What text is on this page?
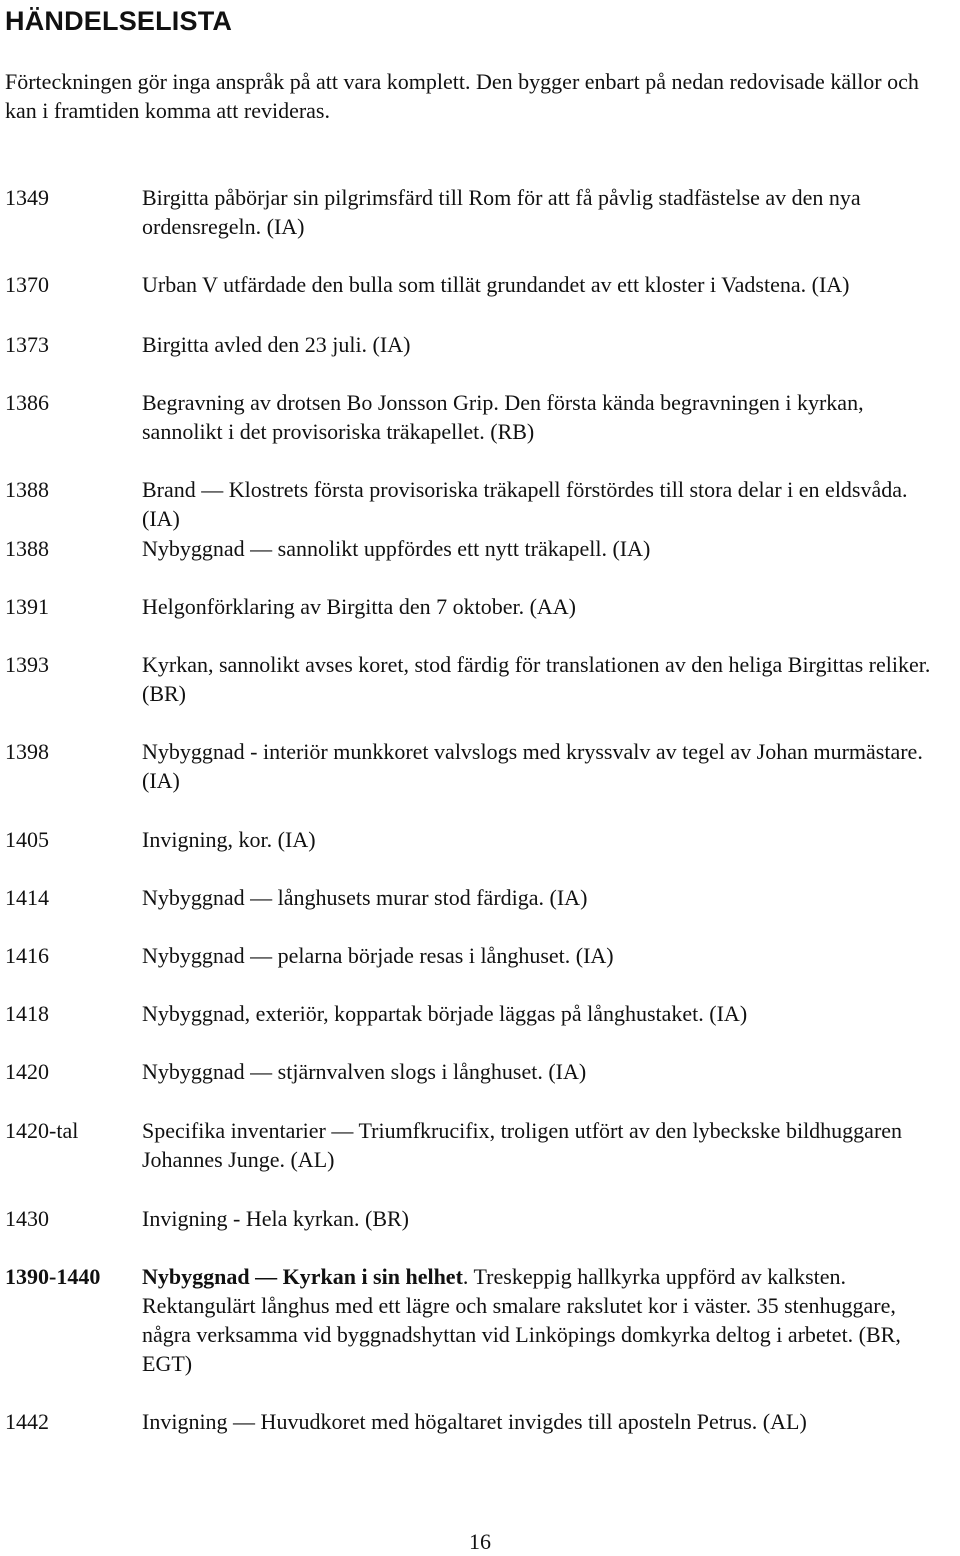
HÄNDELSELISTA

Förteckningen gör inga anspråk på att vara komplett. Den bygger enbart på nedan redovisade källor och kan i framtiden komma att revideras.

1349	Birgitta påbörjar sin pilgrimsfärd till Rom för att få påvlig stadfästelse av den nya ordensregeln. (IA)
1370	Urban V utfärdade den bulla som tillät grundandet av ett kloster i Vadstena. (IA)
1373	Birgitta avled den 23 juli. (IA)
1386	Begravning av drotsen Bo Jonsson Grip. Den första kända begravningen i kyrkan, sannolikt i det provisoriska träkapellet. (RB)
1388	Brand — Klostrets första provisoriska träkapell förstördes till stora delar i en eldsvåda. (IA)
1388	Nybyggnad — sannolikt uppfördes ett nytt träkapell. (IA)
1391	Helgonförklaring av Birgitta den 7 oktober. (AA)
1393	Kyrkan, sannolikt avses koret, stod färdig för translationen av den heliga Birgittas reliker. (BR)
1398	Nybyggnad - interiör munkkoret valvslogs med kryssvalv av tegel av Johan murmästare. (IA)
1405	Invigning, kor. (IA)
1414	Nybyggnad — långhusets murar stod färdiga. (IA)
1416	Nybyggnad — pelarna började resas i långhuset. (IA)
1418	Nybyggnad, exteriör, koppartak började läggas på långhustaket. (IA)
1420	Nybyggnad — stjärnvalven slogs i långhuset. (IA)
1420-tal	Specifika inventarier — Triumfkrucifix, troligen utfört av den lybeckske bildhuggaren Johannes Junge. (AL)
1430	Invigning - Hela kyrkan. (BR)
1390-1440	Nybyggnad — Kyrkan i sin helhet. Treskeppig hallkyrka uppförd av kalksten. Rektangulärt långhus med ett lägre och smalare rakslutet kor i väster. 35 stenhuggare, några verksamma vid byggnadshyttan vid Linköpings domkyrka deltog i arbetet. (BR, EGT)
1442	Invigning — Huvudkoret med högaltaret invigdes till aposteln Petrus. (AL)

16
